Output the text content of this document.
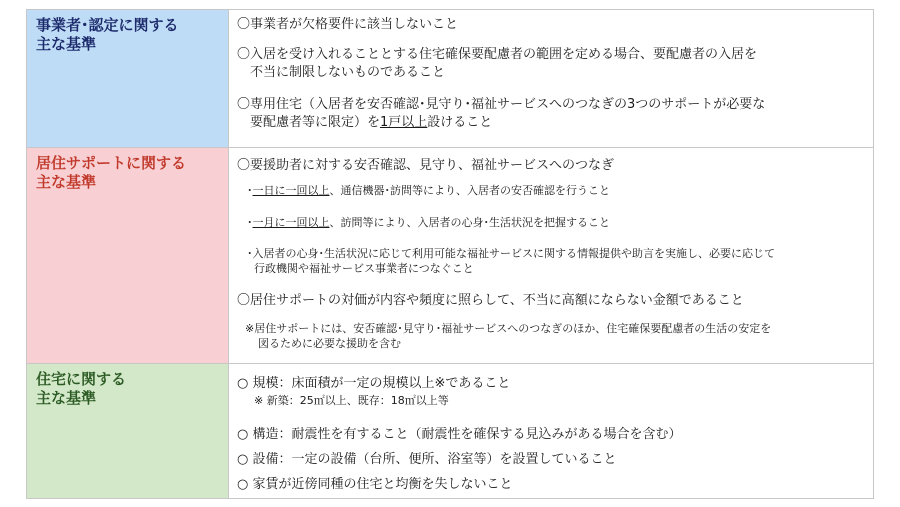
事業者･認定に関する
主な基準
〇事業者が欠格要件に該当しないこと
〇入居を受け入れることとする住宅確保要配慮者の範囲を定める場合、要配慮者の入居を
不当に制限しないものであること
〇専用住宅（入居者を安否確認･見守り･福祉サービスへのつなぎの3つのサポートが必要な
要配慮者等に限定）を1戸以上設けること
居住サポートに関する
主な基準
〇要援助者に対する安否確認、見守り、福祉サービスへのつなぎ
･一日に一回以上、通信機器･訪問等により、入居者の安否確認を行うこと
･一月に一回以上、訪問等により、入居者の心身･生活状況を把握すること
･入居者の心身･生活状況に応じて利用可能な福祉サービスに関する情報提供や助言を実施し、必要に応じて
行政機関や福祉サービス事業者につなぐこと
〇居住サポートの対価が内容や頻度に照らして、不当に高額にならない金額であること
※居住サポートには、安否確認･見守り･福祉サービスへのつなぎのほか、住宅確保要配慮者の生活の安定を
図るために必要な援助を含む
住宅に関する
主な基準
○ 規模：床面積が一定の規模以上※であること
※ 新築：25㎡以上、既存：18㎡以上等
○ 構造：耐震性を有すること（耐震性を確保する見込みがある場合を含む）
○ 設備：一定の設備（台所、便所、浴室等）を設置していること
○ 家賃が近傍同種の住宅と均衡を失しないこと
